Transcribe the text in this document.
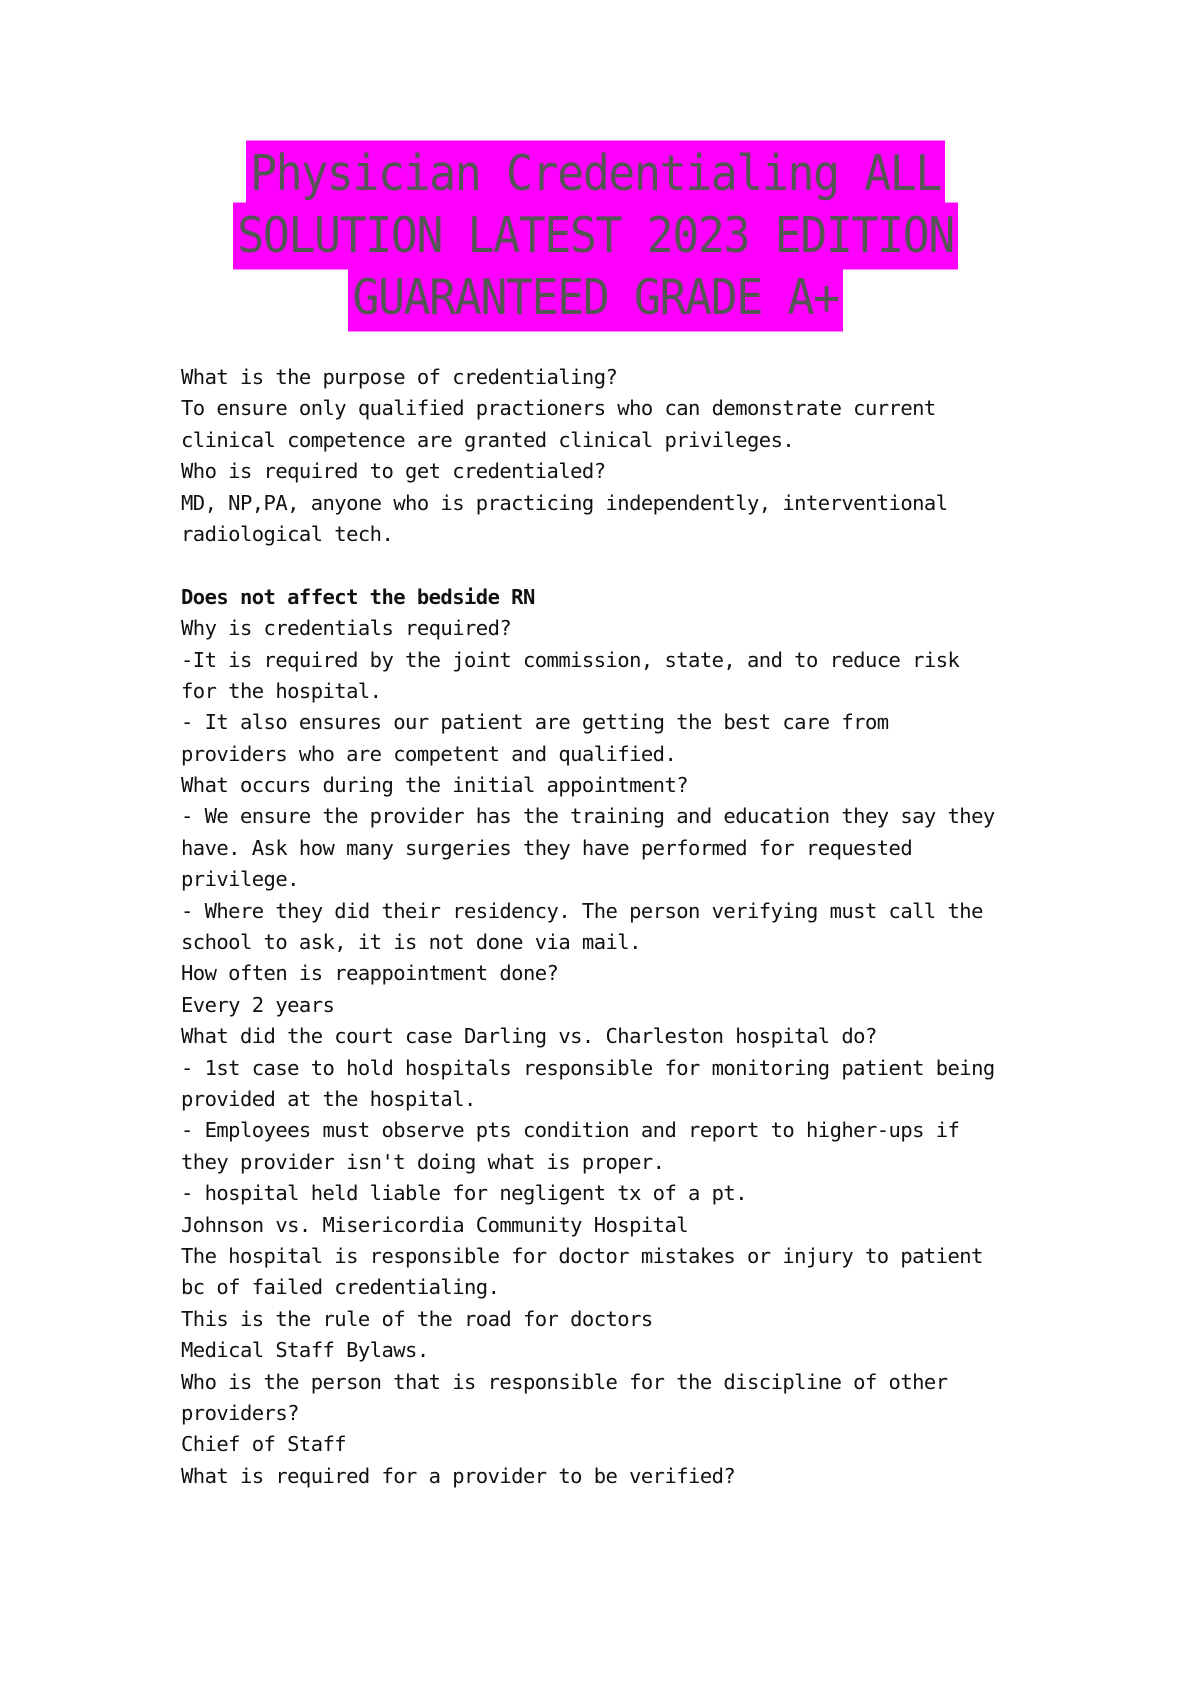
Physician Credentialing ALL
SOLUTION LATEST 2023 EDITION
GUARANTEED GRADE A+
What is the purpose of credentialing?
To ensure only qualified practioners who can demonstrate current
clinical competence are granted clinical privileges.
Who is required to get credentialed?
MD, NP,PA, anyone who is practicing independently, interventional
radiological tech.
Does not affect the bedside RN
Why is credentials required?
-It is required by the joint commission, state, and to reduce risk
for the hospital.
- It also ensures our patient are getting the best care from
providers who are competent and qualified.
What occurs during the initial appointment?
- We ensure the provider has the training and education they say they
have. Ask how many surgeries they have performed for requested
privilege.
- Where they did their residency. The person verifying must call the
school to ask, it is not done via mail.
How often is reappointment done?
Every 2 years
What did the court case Darling vs. Charleston hospital do?
- 1st case to hold hospitals responsible for monitoring patient being
provided at the hospital.
- Employees must observe pts condition and report to higher-ups if
they provider isn't doing what is proper.
- hospital held liable for negligent tx of a pt.
Johnson vs. Misericordia Community Hospital
The hospital is responsible for doctor mistakes or injury to patient
bc of failed credentialing.
This is the rule of the road for doctors
Medical Staff Bylaws.
Who is the person that is responsible for the discipline of other
providers?
Chief of Staff
What is required for a provider to be verified?
